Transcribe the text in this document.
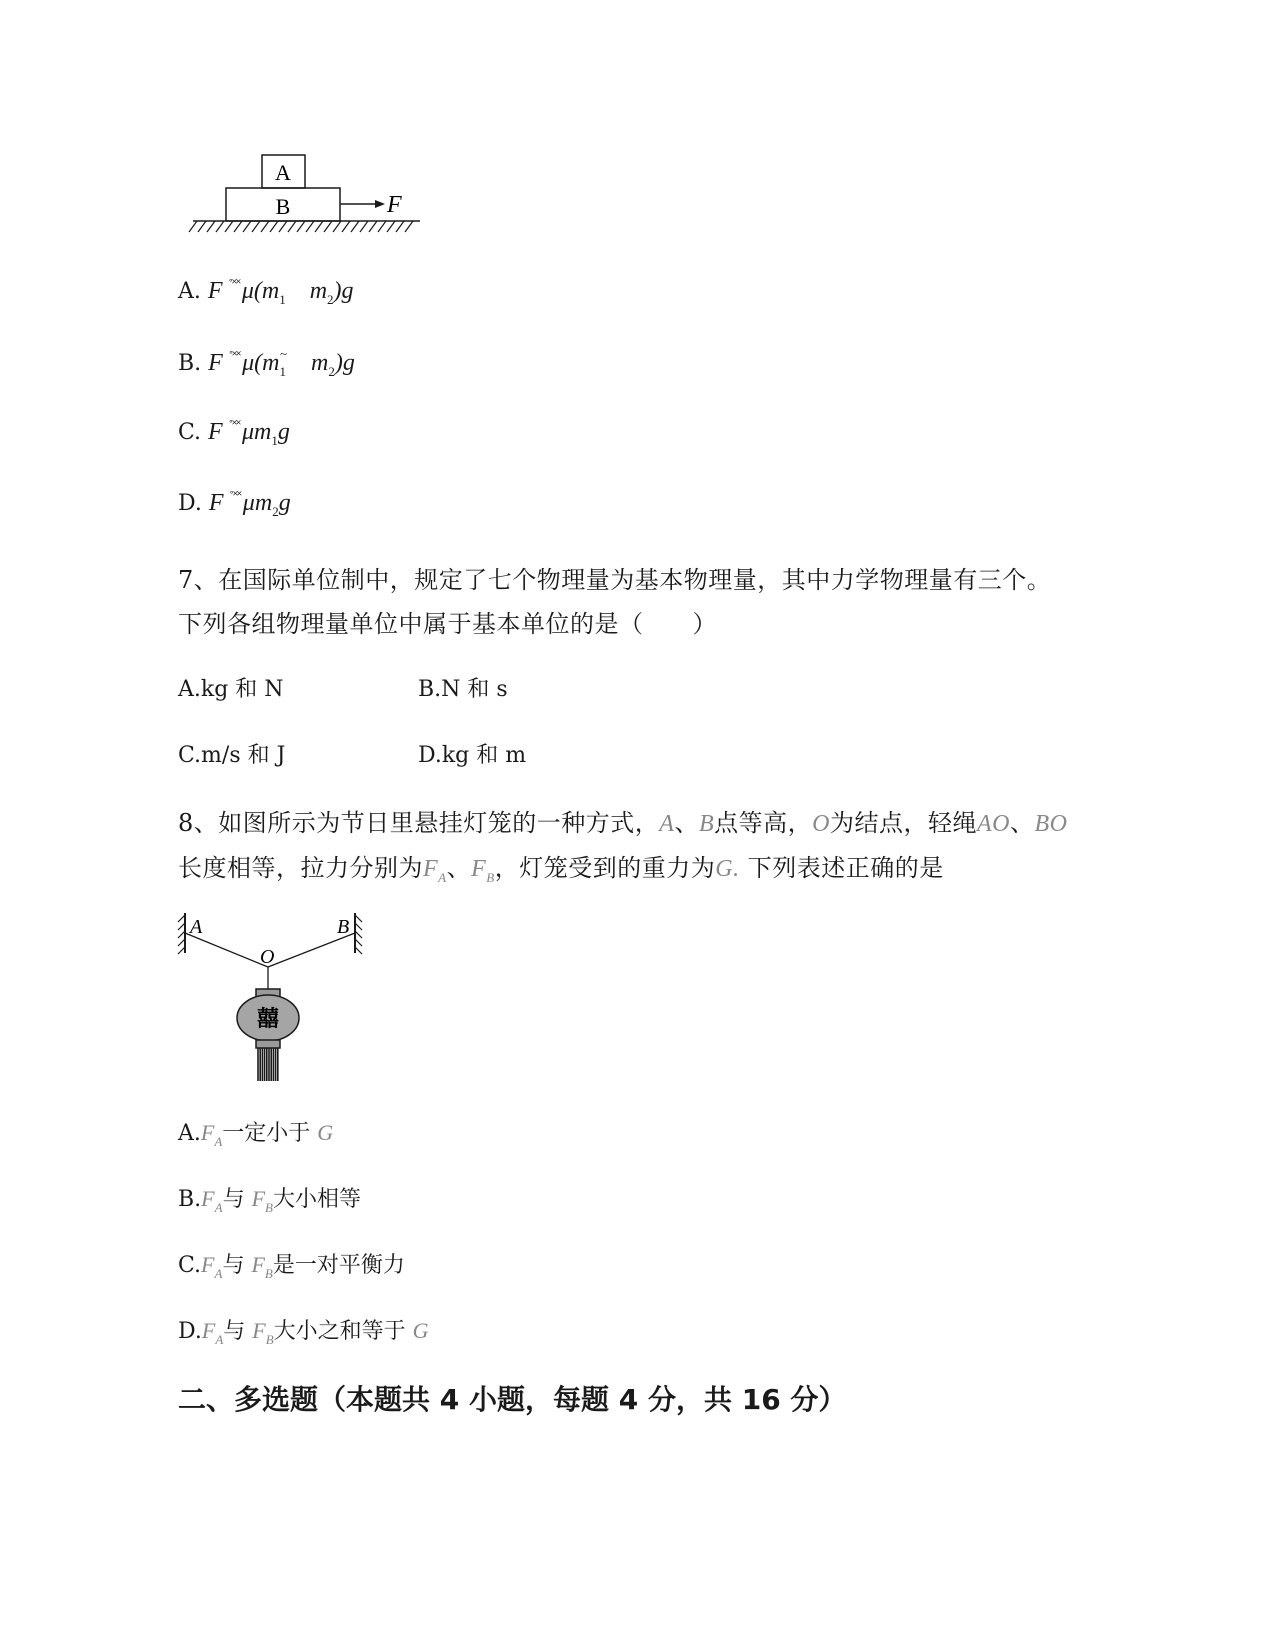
A
B	F
A. F $^{˚˟˟}\mu(m_1$ $m_2)g$
B. F $^{˚˟˟}\mu(m_1^\sim$ $m_2)g$
C. F $^{˚˟˟}\mu m_1g$
D. F $^{˚˟˟}\mu m_2g$
7、在国际单位制中，规定了七个物理量为基本物理量，其中力学物理量有三个。
下列各组物理量单位中属于基本单位的是（　　）
A.kg 和 N	B.N 和 s
C.m/s 和 J	D.kg 和 m
8、如图所示为节日里悬挂灯笼的一种方式，A、B点等高，O为结点，轻绳AO、BO
长度相等，拉力分别为$F_A$、$F_B$，灯笼受到的重力为G. 下列表述正确的是
A	B
O
囍
$A.F_A$一定小于 G
$B.F_A$与 $F_B$大小相等
$C.F_A$与 $F_B$是一对平衡力
$D.F_A$与 $F_B$大小之和等于 G
二、多选题（本题共 4 小题，每题 4 分，共 16 分）
